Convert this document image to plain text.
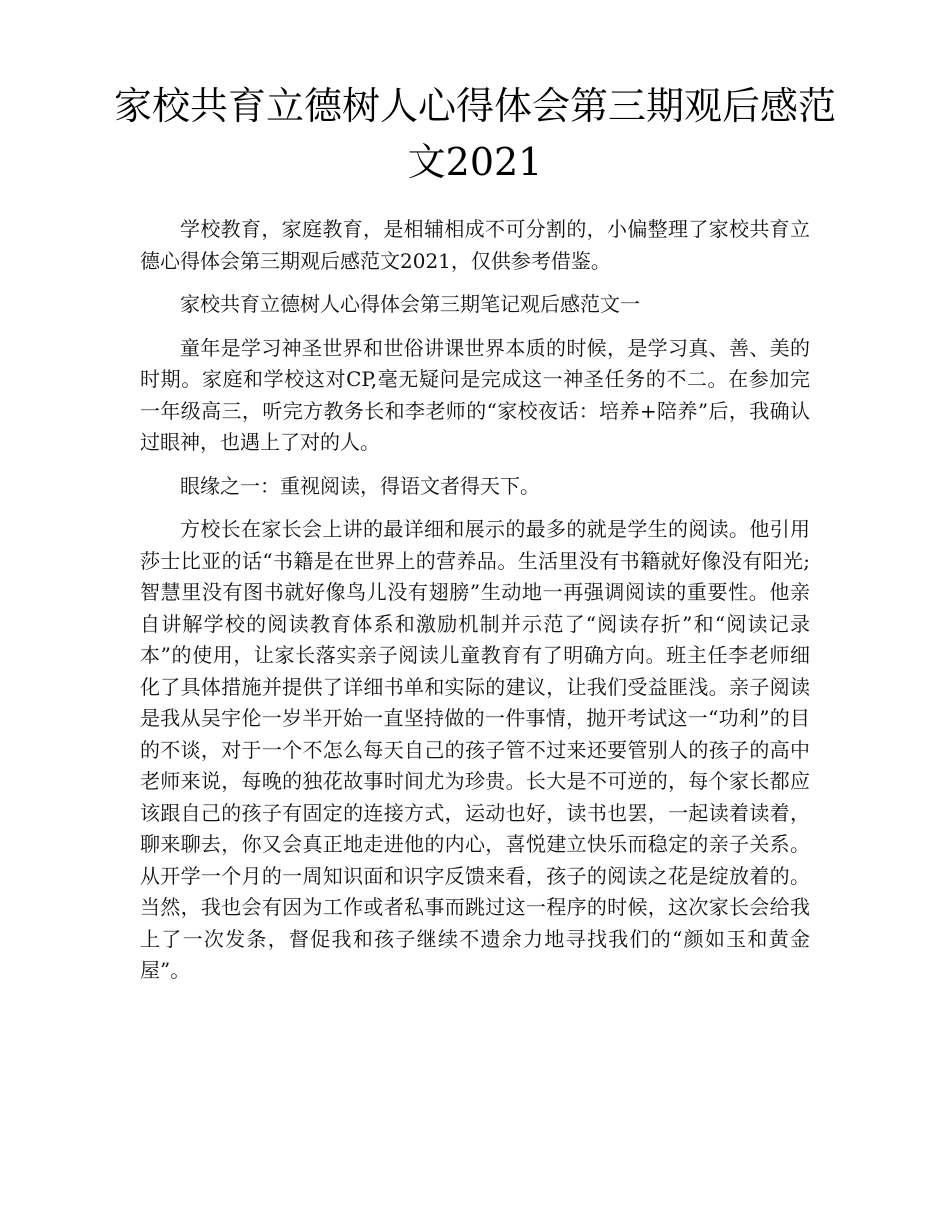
家校共育立德树人心得体会第三期观后感范文2021

学校教育，家庭教育，是相辅相成不可分割的，小偏整理了家校共育立德心得体会第三期观后感范文2021，仅供参考借鉴。

家校共育立德树人心得体会第三期笔记观后感范文一

童年是学习神圣世界和世俗讲课世界本质的时候，是学习真、善、美的时期。家庭和学校这对CP,毫无疑问是完成这一神圣任务的不二。在参加完一年级高三，听完方教务长和李老师的“家校夜话：培养+陪养”后，我确认过眼神，也遇上了对的人。

眼缘之一：重视阅读，得语文者得天下。

方校长在家长会上讲的最详细和展示的最多的就是学生的阅读。他引用莎士比亚的话“书籍是在世界上的营养品。生活里没有书籍就好像没有阳光;智慧里没有图书就好像鸟儿没有翅膀”生动地一再强调阅读的重要性。他亲自讲解学校的阅读教育体系和激励机制并示范了“阅读存折”和“阅读记录本”的使用，让家长落实亲子阅读儿童教育有了明确方向。班主任李老师细化了具体措施并提供了详细书单和实际的建议，让我们受益匪浅。亲子阅读是我从吴宇伦一岁半开始一直坚持做的一件事情，抛开考试这一“功利”的目的不谈，对于一个不怎么每天自己的孩子管不过来还要管别人的孩子的高中老师来说，每晚的独花故事时间尤为珍贵。长大是不可逆的，每个家长都应该跟自己的孩子有固定的连接方式，运动也好，读书也罢，一起读着读着，聊来聊去，你又会真正地走进他的内心，喜悦建立快乐而稳定的亲子关系。从开学一个月的一周知识面和识字反馈来看，孩子的阅读之花是绽放着的。当然，我也会有因为工作或者私事而跳过这一程序的时候，这次家长会给我上了一次发条，督促我和孩子继续不遗余力地寻找我们的“颜如玉和黄金屋”。
